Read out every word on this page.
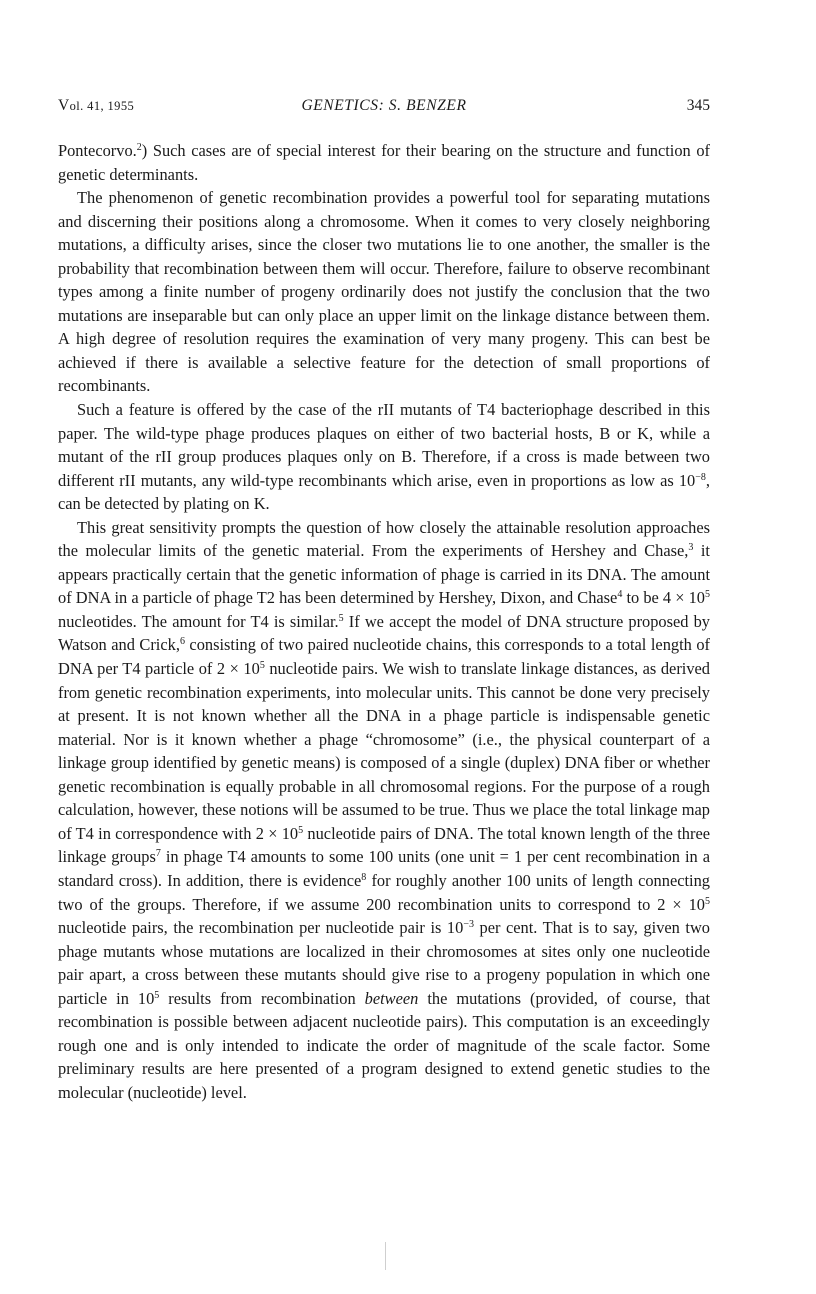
Vol. 41, 1955	GENETICS: S. BENZER	345

Pontecorvo.$^2$) Such cases are of special interest for their bearing on the structure and function of genetic determinants.

The phenomenon of genetic recombination provides a powerful tool for separating mutations and discerning their positions along a chromosome. When it comes to very closely neighboring mutations, a difficulty arises, since the closer two mutations lie to one another, the smaller is the probability that recombination between them will occur. Therefore, failure to observe recombinant types among a finite number of progeny ordinarily does not justify the conclusion that the two mutations are inseparable but can only place an upper limit on the linkage distance between them. A high degree of resolution requires the examination of very many progeny. This can best be achieved if there is available a selective feature for the detection of small proportions of recombinants.

Such a feature is offered by the case of the rII mutants of T4 bacteriophage described in this paper. The wild-type phage produces plaques on either of two bacterial hosts, B or K, while a mutant of the rII group produces plaques only on B. Therefore, if a cross is made between two different rII mutants, any wild-type recombinants which arise, even in proportions as low as $10^{-8}$, can be detected by plating on K.

This great sensitivity prompts the question of how closely the attainable resolution approaches the molecular limits of the genetic material. From the experiments of Hershey and Chase,$^3$ it appears practically certain that the genetic information of phage is carried in its DNA. The amount of DNA in a particle of phage T2 has been determined by Hershey, Dixon, and Chase$^4$ to be $4 \times 10^5$ nucleotides. The amount for T4 is similar.$^5$ If we accept the model of DNA structure proposed by Watson and Crick,$^6$ consisting of two paired nucleotide chains, this corresponds to a total length of DNA per T4 particle of $2 \times 10^5$ nucleotide pairs. We wish to translate linkage distances, as derived from genetic recombination experiments, into molecular units. This cannot be done very precisely at present. It is not known whether all the DNA in a phage particle is indispensable genetic material. Nor is it known whether a phage “chromosome” (i.e., the physical counterpart of a linkage group identified by genetic means) is composed of a single (duplex) DNA fiber or whether genetic recombination is equally probable in all chromosomal regions. For the purpose of a rough calculation, however, these notions will be assumed to be true. Thus we place the total linkage map of T4 in correspondence with $2 \times 10^5$ nucleotide pairs of DNA. The total known length of the three linkage groups$^7$ in phage T4 amounts to some 100 units (one unit = 1 per cent recombination in a standard cross). In addition, there is evidence$^8$ for roughly another 100 units of length connecting two of the groups. Therefore, if we assume 200 recombination units to correspond to $2 \times 10^5$ nucleotide pairs, the recombination per nucleotide pair is $10^{-3}$ per cent. That is to say, given two phage mutants whose mutations are localized in their chromosomes at sites only one nucleotide pair apart, a cross between these mutants should give rise to a progeny population in which one particle in $10^5$ results from recombination between the mutations (provided, of course, that recombination is possible between adjacent nucleotide pairs). This computation is an exceedingly rough one and is only intended to indicate the order of magnitude of the scale factor. Some preliminary results are here presented of a program designed to extend genetic studies to the molecular (nucleotide) level.
